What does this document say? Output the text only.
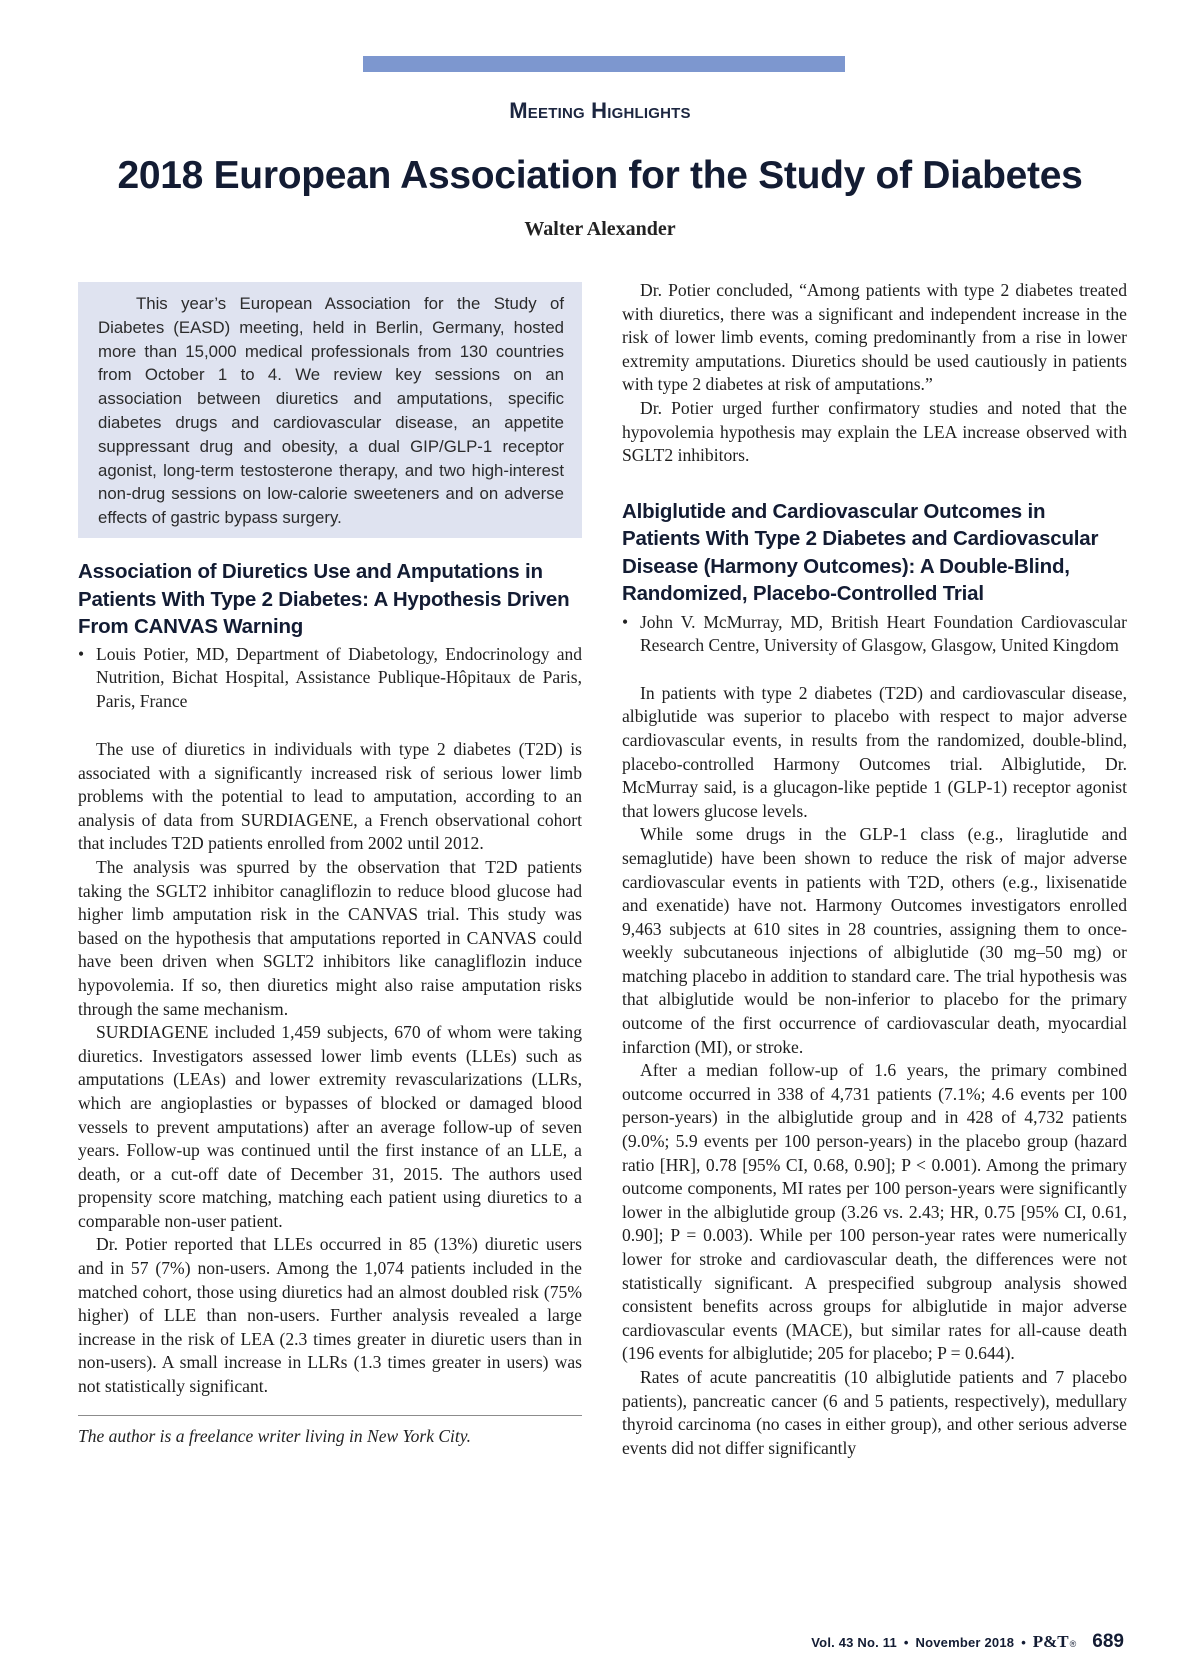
Meeting Highlights
2018 European Association for the Study of Diabetes
Walter Alexander
This year’s European Association for the Study of Diabetes (EASD) meeting, held in Berlin, Germany, hosted more than 15,000 medical professionals from 130 countries from October 1 to 4. We review key sessions on an association between diuretics and amputations, specific diabetes drugs and cardiovascular disease, an appetite suppressant drug and obesity, a dual GIP/GLP-1 receptor agonist, long-term testosterone therapy, and two high-interest non-drug sessions on low-calorie sweeteners and on adverse effects of gastric bypass surgery.
Association of Diuretics Use and Amputations in Patients With Type 2 Diabetes: A Hypothesis Driven From CANVAS Warning
• Louis Potier, MD, Department of Diabetology, Endocrinology and Nutrition, Bichat Hospital, Assistance Publique-Hôpitaux de Paris, Paris, France

The use of diuretics in individuals with type 2 diabetes (T2D) is associated with a significantly increased risk of serious lower limb problems with the potential to lead to amputation, according to an analysis of data from SURDIAGENE, a French observational cohort that includes T2D patients enrolled from 2002 until 2012.

The analysis was spurred by the observation that T2D patients taking the SGLT2 inhibitor canagliflozin to reduce blood glucose had higher limb amputation risk in the CANVAS trial. This study was based on the hypothesis that amputations reported in CANVAS could have been driven when SGLT2 inhibitors like canagliflozin induce hypovolemia. If so, then diuretics might also raise amputation risks through the same mechanism.

SURDIAGENE included 1,459 subjects, 670 of whom were taking diuretics. Investigators assessed lower limb events (LLEs) such as amputations (LEAs) and lower extremity revascularizations (LLRs, which are angioplasties or bypasses of blocked or damaged blood vessels to prevent amputations) after an average follow-up of seven years. Follow-up was continued until the first instance of an LLE, a death, or a cut-off date of December 31, 2015. The authors used propensity score matching, matching each patient using diuretics to a comparable non-user patient.

Dr. Potier reported that LLEs occurred in 85 (13%) diuretic users and in 57 (7%) non-users. Among the 1,074 patients included in the matched cohort, those using diuretics had an almost doubled risk (75% higher) of LLE than non-users. Further analysis revealed a large increase in the risk of LEA (2.3 times greater in diuretic users than in non-users). A small increase in LLRs (1.3 times greater in users) was not statistically significant.

The author is a freelance writer living in New York City.

Dr. Potier concluded, “Among patients with type 2 diabetes treated with diuretics, there was a significant and independent increase in the risk of lower limb events, coming predominantly from a rise in lower extremity amputations. Diuretics should be used cautiously in patients with type 2 diabetes at risk of amputations.”

Dr. Potier urged further confirmatory studies and noted that the hypovolemia hypothesis may explain the LEA increase observed with SGLT2 inhibitors.

Albiglutide and Cardiovascular Outcomes in Patients With Type 2 Diabetes and Cardiovascular Disease (Harmony Outcomes): A Double-Blind, Randomized, Placebo-Controlled Trial
• John V. McMurray, MD, British Heart Foundation Cardiovascular Research Centre, University of Glasgow, Glasgow, United Kingdom

In patients with type 2 diabetes (T2D) and cardiovascular disease, albiglutide was superior to placebo with respect to major adverse cardiovascular events, in results from the randomized, double-blind, placebo-controlled Harmony Outcomes trial. Albiglutide, Dr. McMurray said, is a glucagon-like peptide 1 (GLP-1) receptor agonist that lowers glucose levels.

While some drugs in the GLP-1 class (e.g., liraglutide and semaglutide) have been shown to reduce the risk of major adverse cardiovascular events in patients with T2D, others (e.g., lixisenatide and exenatide) have not. Harmony Outcomes investigators enrolled 9,463 subjects at 610 sites in 28 countries, assigning them to once-weekly subcutaneous injections of albiglutide (30 mg–50 mg) or matching placebo in addition to standard care. The trial hypothesis was that albiglutide would be non-inferior to placebo for the primary outcome of the first occurrence of cardiovascular death, myocardial infarction (MI), or stroke.

After a median follow-up of 1.6 years, the primary combined outcome occurred in 338 of 4,731 patients (7.1%; 4.6 events per 100 person-years) in the albiglutide group and in 428 of 4,732 patients (9.0%; 5.9 events per 100 person-years) in the placebo group (hazard ratio [HR], 0.78 [95% CI, 0.68, 0.90]; P < 0.001). Among the primary outcome components, MI rates per 100 person-years were significantly lower in the albiglutide group (3.26 vs. 2.43; HR, 0.75 [95% CI, 0.61, 0.90]; P = 0.003). While per 100 person-year rates were numerically lower for stroke and cardiovascular death, the differences were not statistically significant. A prespecified subgroup analysis showed consistent benefits across groups for albiglutide in major adverse cardiovascular events (MACE), but similar rates for all-cause death (196 events for albiglutide; 205 for placebo; P = 0.644).

Rates of acute pancreatitis (10 albiglutide patients and 7 placebo patients), pancreatic cancer (6 and 5 patients, respectively), medullary thyroid carcinoma (no cases in either group), and other serious adverse events did not differ significantly

Vol. 43 No. 11 • November 2018 • P&T ® 689
